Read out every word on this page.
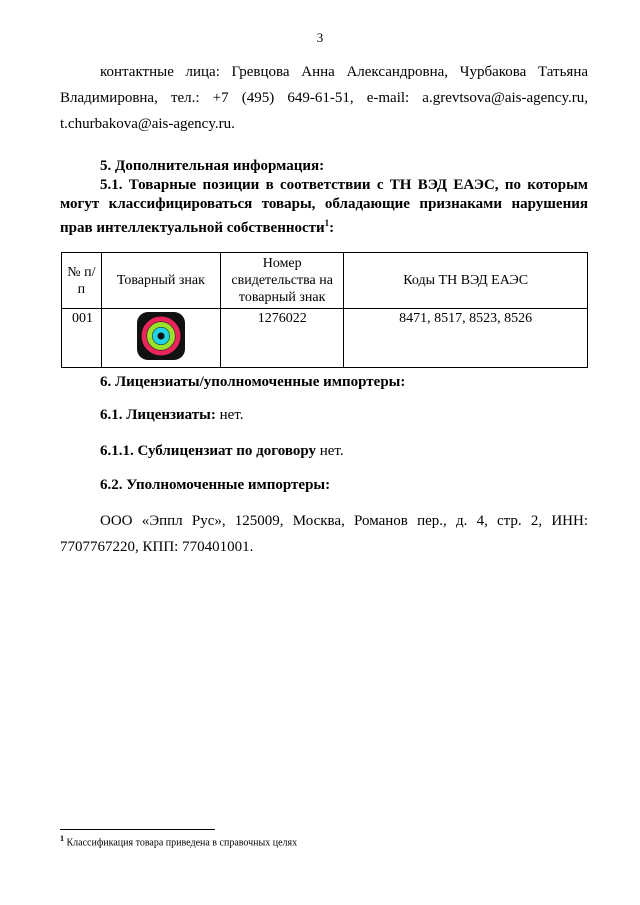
3
контактные лица: Гревцова Анна Александровна, Чурбакова Татьяна
Владимировна, тел.: +7 (495) 649-61-51, e-mail: a.grevtsova@ais-agency.ru,
t.churbakova@ais-agency.ru.
5. Дополнительная информация:
5.1. Товарные позиции в соответствии с ТН ВЭД ЕАЭС, по которым могут классифицироваться товары, обладающие признаками нарушения прав интеллектуальной собственности$^1$:
№ п/п	Товарный знак	Номер свидетельства на товарный знак	Коды ТН ВЭД ЕАЭС
001		1276022	8471, 8517, 8523, 8526
6. Лицензиаты/уполномоченные импортеры:
6.1. Лицензиаты: нет.
6.1.1. Сублицензиат по договору нет.
6.2. Уполномоченные импортеры:
ООО «Эппл Рус», 125009, Москва, Романов пер., д. 4, стр. 2, ИНН: 7707767220, КПП: 770401001.
$^1$ Классификация товара приведена в справочных целях
